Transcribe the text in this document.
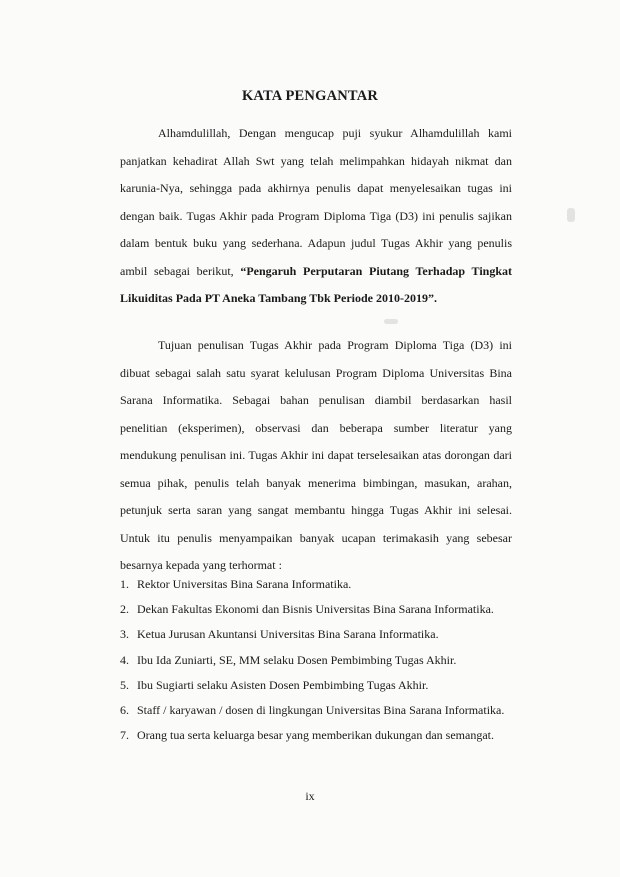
KATA PENGANTAR

Alhamdulillah, Dengan mengucap puji syukur Alhamdulillah kami panjatkan kehadirat Allah Swt yang telah melimpahkan hidayah nikmat dan karunia-Nya, sehingga pada akhirnya penulis dapat menyelesaikan tugas ini dengan baik. Tugas Akhir pada Program Diploma Tiga (D3) ini penulis sajikan dalam bentuk buku yang sederhana. Adapun judul Tugas Akhir yang penulis ambil sebagai berikut, “Pengaruh Perputaran Piutang Terhadap Tingkat Likuiditas Pada PT Aneka Tambang Tbk Periode 2010-2019”.

Tujuan penulisan Tugas Akhir pada Program Diploma Tiga (D3) ini dibuat sebagai salah satu syarat kelulusan Program Diploma Universitas Bina Sarana Informatika. Sebagai bahan penulisan diambil berdasarkan hasil penelitian (eksperimen), observasi dan beberapa sumber literatur yang mendukung penulisan ini. Tugas Akhir ini dapat terselesaikan atas dorongan dari semua pihak, penulis telah banyak menerima bimbingan, masukan, arahan, petunjuk serta saran yang sangat membantu hingga Tugas Akhir ini selesai. Untuk itu penulis menyampaikan banyak ucapan terimakasih yang sebesar besarnya kepada yang terhormat :

1. Rektor Universitas Bina Sarana Informatika.
2. Dekan Fakultas Ekonomi dan Bisnis Universitas Bina Sarana Informatika.
3. Ketua Jurusan Akuntansi Universitas Bina Sarana Informatika.
4. Ibu Ida Zuniarti, SE, MM selaku Dosen Pembimbing Tugas Akhir.
5. Ibu Sugiarti selaku Asisten Dosen Pembimbing Tugas Akhir.
6. Staff / karyawan / dosen di lingkungan Universitas Bina Sarana Informatika.
7. Orang tua serta keluarga besar yang memberikan dukungan dan semangat.
ix
